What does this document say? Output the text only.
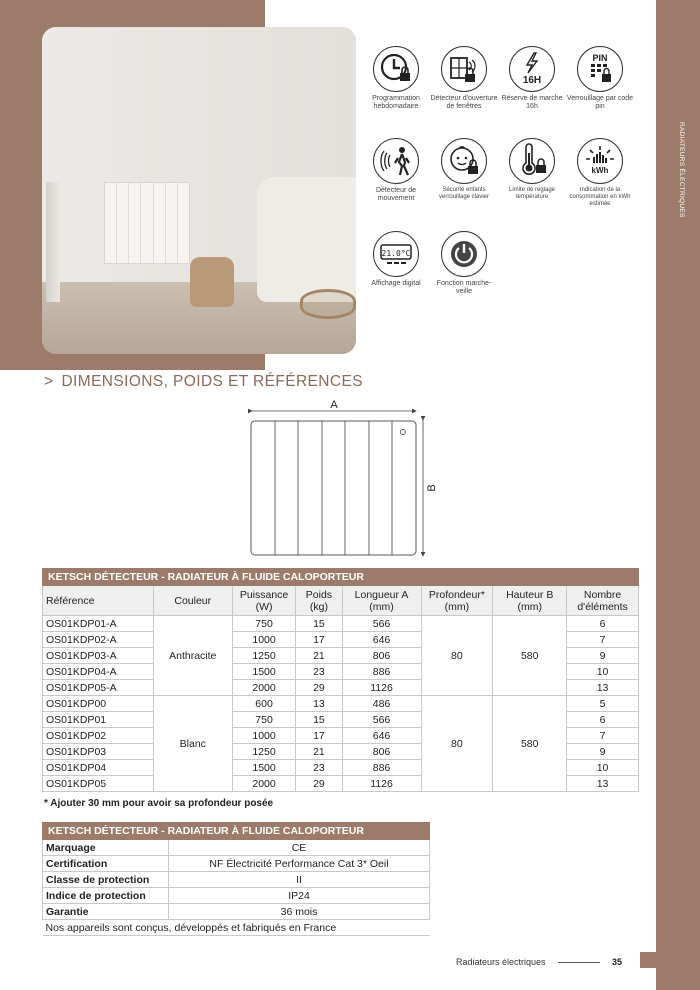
RADIATEURS ÉLECTRIQUES
Programmation hebdomadaire
Détecteur d'ouverture de fenêtres
16H
Réserve de marche 16h
PIN
Verrouillage par code pin
Détecteur de mouvement
Sécurité enfants verrouillage clavier
Limite de reglage température
kWh
Indication de la consommation en kWh estimée
21.0°C
Affichage digital	Fonction marche-veille
> DIMENSIONS, POIDS ET RÉFÉRENCES
A
B
KETSCH DÉTECTEUR - RADIATEUR À FLUIDE CALOPORTEUR							
Référence	Couleur	Puissance (W)	Poids (kg)	Longueur A (mm)	Profondeur* (mm)	Hauteur B (mm)	Nombre d'éléments
OS01KDP01-A	Anthracite	750	15	566	80	580	6
OS01KDP02-A		1000	17	646			7
OS01KDP03-A		1250	21	806			9
OS01KDP04-A		1500	23	886			10
OS01KDP05-A		2000	29	1126			13
OS01KDP00	Blanc	600	13	486	80	580	5
OS01KDP01		750	15	566			6
OS01KDP02		1000	17	646			7
OS01KDP03		1250	21	806			9
OS01KDP04		1500	23	886			10
OS01KDP05		2000	29	1126			13
* Ajouter 30 mm pour avoir sa profondeur posée
KETSCH DÉTECTEUR - RADIATEUR À FLUIDE CALOPORTEUR	
Marquage	CE
Certification	NF Électricité Performance Cat 3* Oeil
Classe de protection	II
Indice de protection	IP24
Garantie	36 mois
Nos appareils sont conçus, développés et fabriqués en France	
Radiateurs électriques	35
